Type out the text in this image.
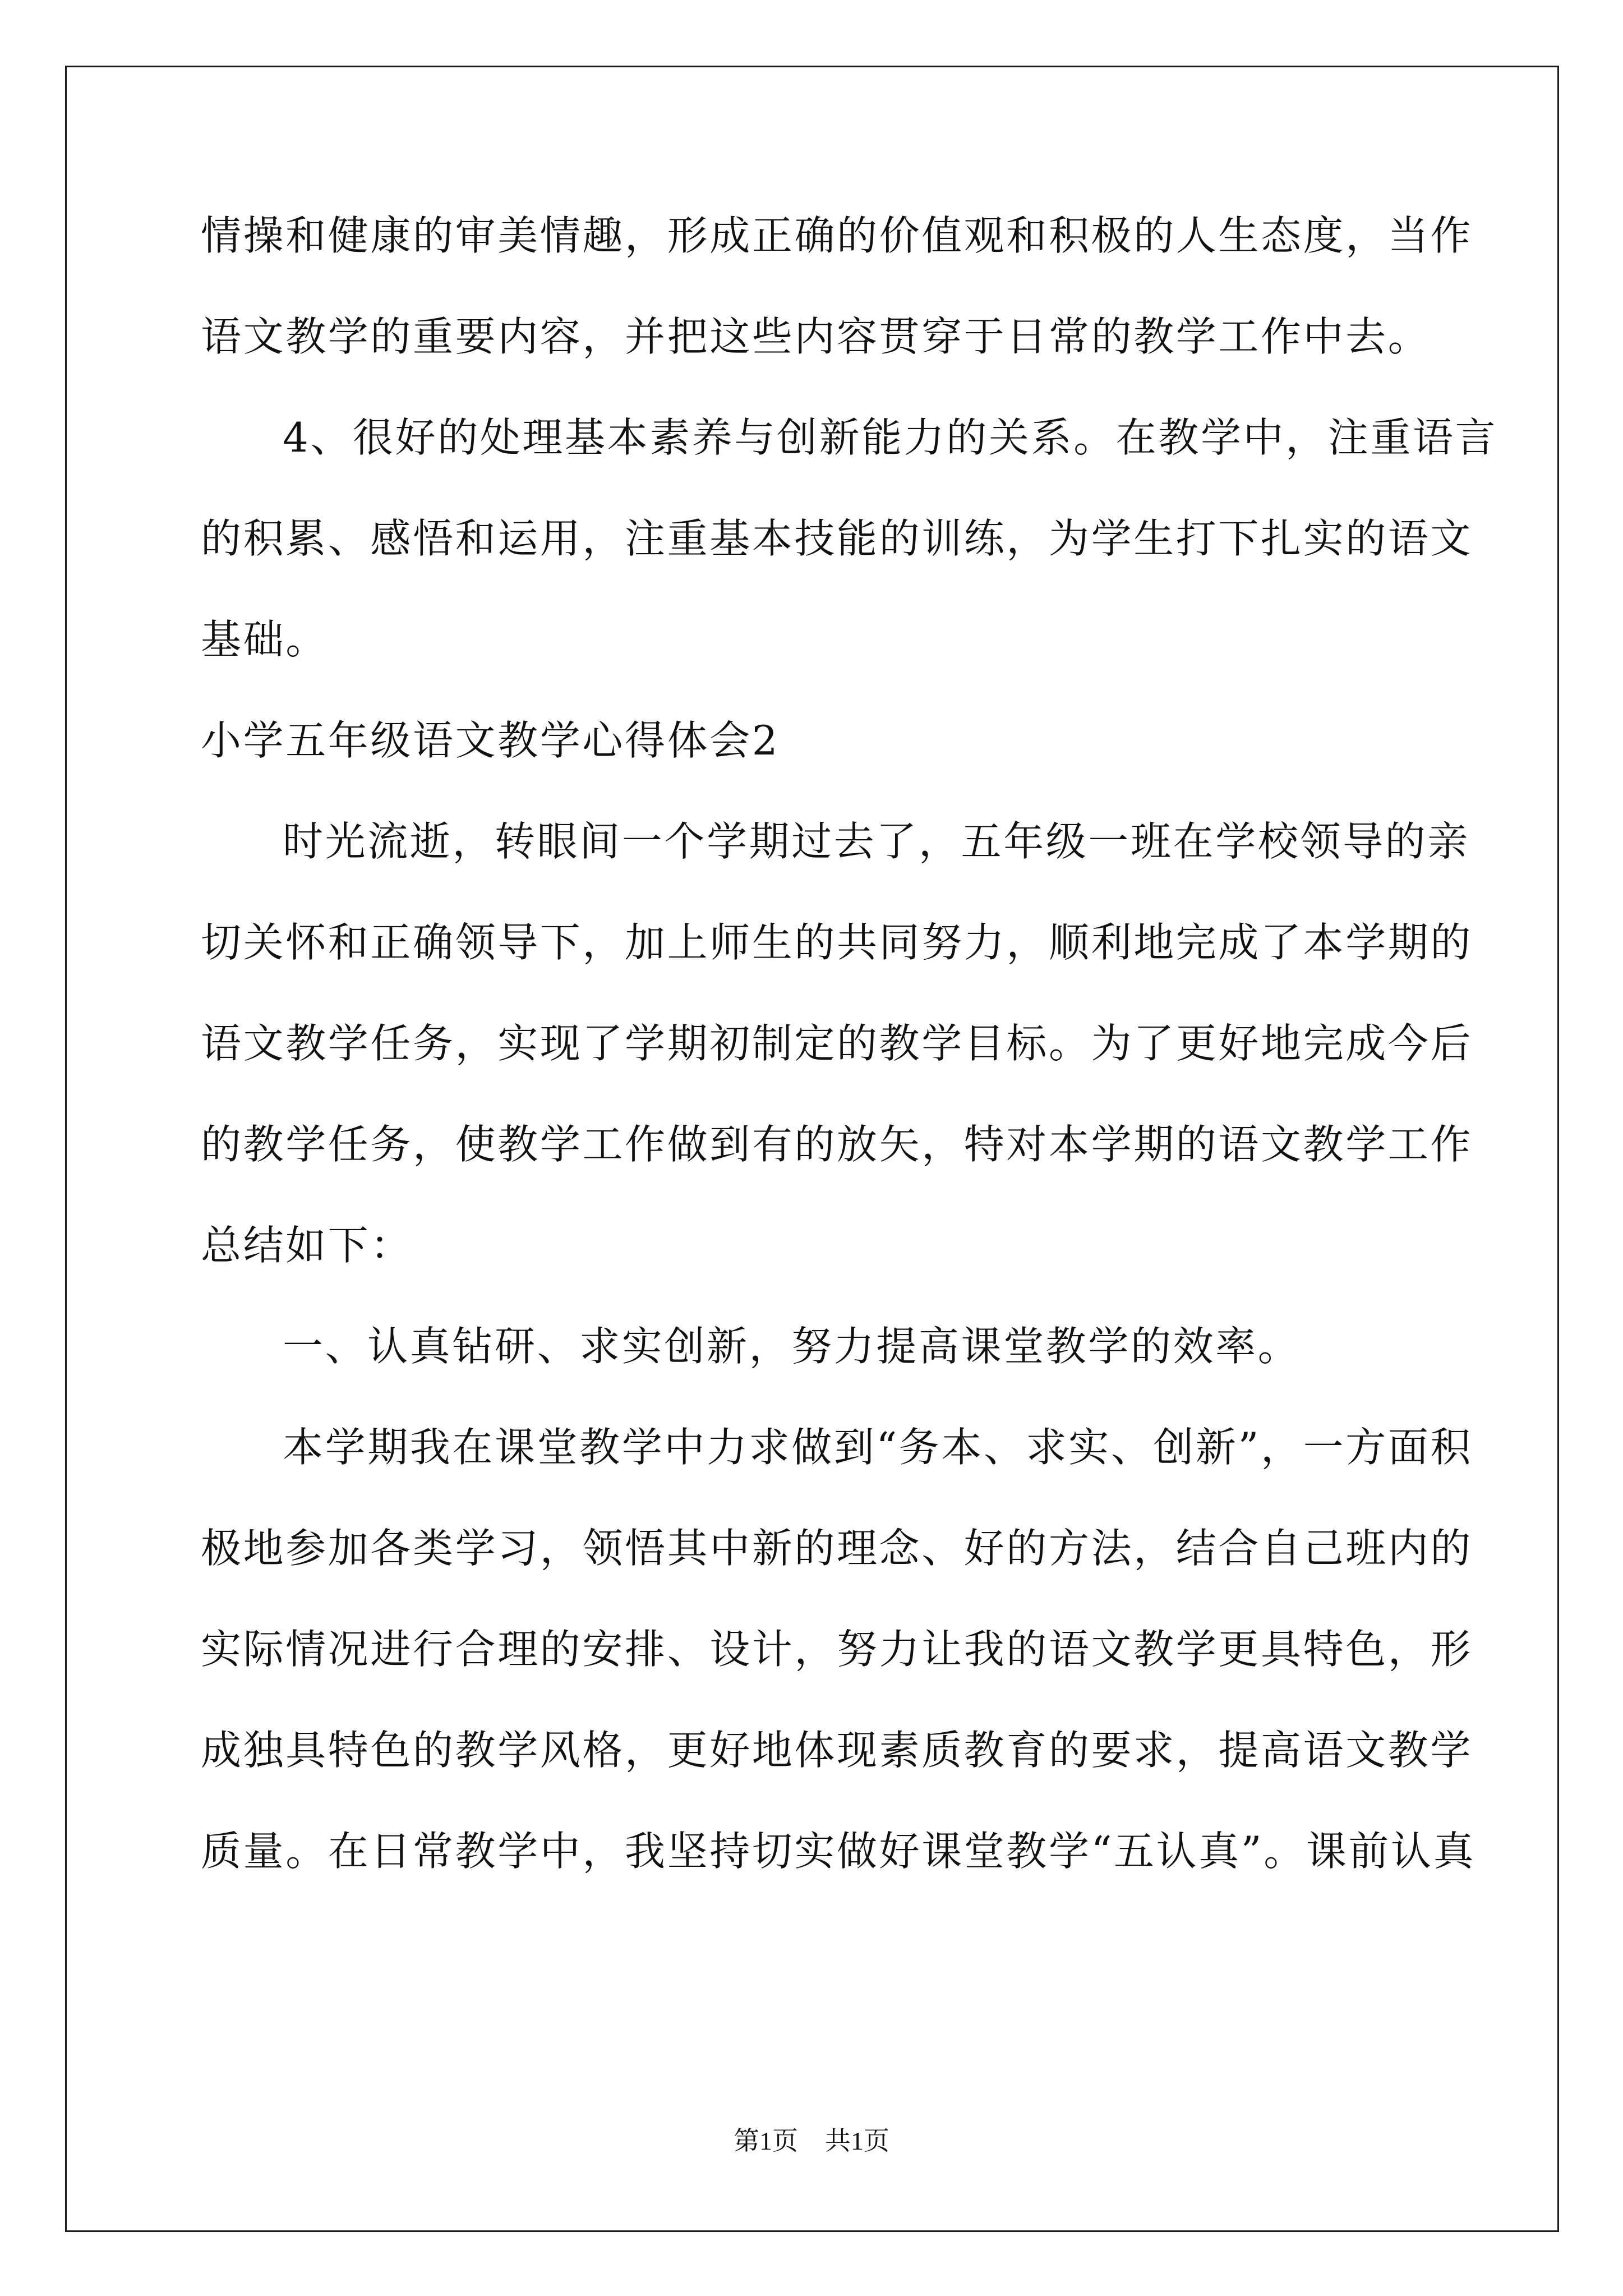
情操和健康的审美情趣，形成正确的价值观和积极的人生态度，当作
语文教学的重要内容，并把这些内容贯穿于日常的教学工作中去。
4、很好的处理基本素养与创新能力的关系。在教学中，注重语言
的积累、感悟和运用，注重基本技能的训练，为学生打下扎实的语文
基础。
小学五年级语文教学心得体会2
时光流逝，转眼间一个学期过去了，五年级一班在学校领导的亲
切关怀和正确领导下，加上师生的共同努力，顺利地完成了本学期的
语文教学任务，实现了学期初制定的教学目标。为了更好地完成今后
的教学任务，使教学工作做到有的放矢，特对本学期的语文教学工作
总结如下：
一、认真钻研、求实创新，努力提高课堂教学的效率。
本学期我在课堂教学中力求做到“务本、求实、创新”，一方面积
极地参加各类学习，领悟其中新的理念、好的方法，结合自己班内的
实际情况进行合理的安排、设计，努力让我的语文教学更具特色，形
成独具特色的教学风格，更好地体现素质教育的要求，提高语文教学
质量。在日常教学中，我坚持切实做好课堂教学“五认真”。课前认真
第1页 共1页
